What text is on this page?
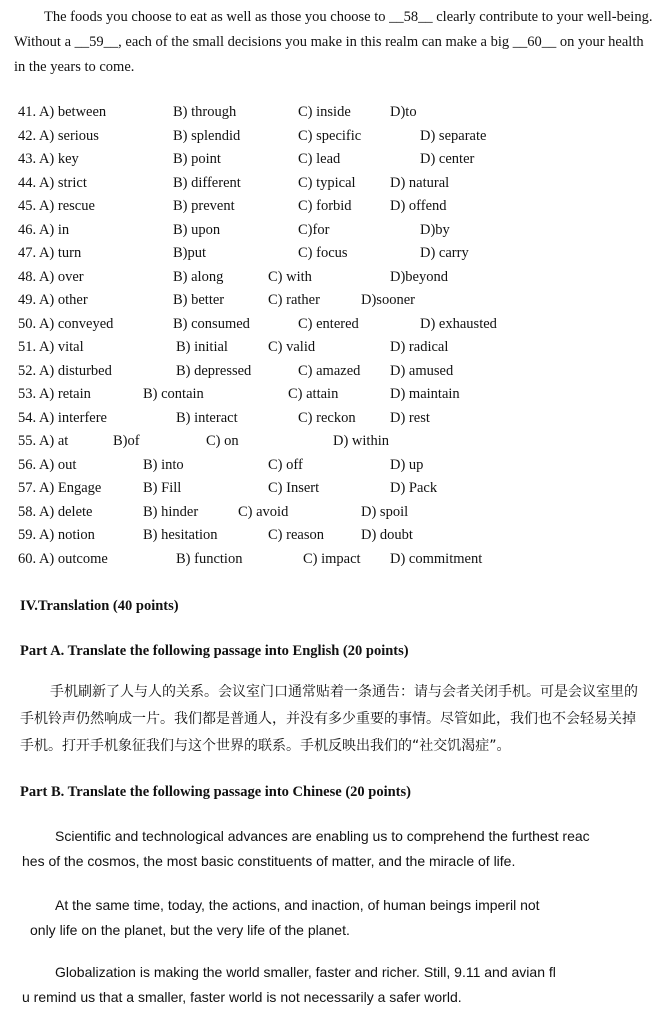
The foods you choose to eat as well as those you choose to __58__ clearly contribute to your well-being. Without a __59__, each of the small decisions you make in this realm can make a big __60__ on your health in the years to come.

41. A) between	B) through	C) inside	D)to
42. A) serious	B) splendid	C) specific	D) separate
43. A) key	B) point	C) lead	D) center
44. A) strict	B) different	C) typical D) natural
45. A) rescue	B) prevent	C) forbid	D) offend
46. A) in	B) upon	C)for	D)by
47. A) turn	B)put	C) focus	D) carry
48. A) over	B) along	C) with	D)beyond
49. A) other	B) better	C) rather	D)sooner
50. A) conveyed	B) consumed	C) entered	D) exhausted
51. A) vital	B) initial	C) valid	D) radical
52. A) disturbed	B) depressed	C) amazed D) amused
53. A) retain	B) contain	C) attain	D) maintain
54. A) interfere	B) interact	C) reckon D) rest
55. A) at	B)of	C) on	D) within
56. A) out	B) into	C) off	D) up
57. A) Engage	B) Fill	C) Insert	D) Pack
58. A) delete	B) hinder	C) avoid	D) spoil
59. A) notion	B) hesitation	C) reason	D) doubt
60. A) outcome	B) function	C) impact D) commitment
IV.Translation (40 points)
Part A. Translate the following passage into English (20 points)

手机刷新了人与人的关系。会议室门口通常贴着一条通告：请与会者关闭手机。可是会议室里的手机铃声仍然响成一片。我们都是普通人，并没有多少重要的事情。尽管如此，我们也不会轻易关掉手机。打开手机象征我们与这个世界的联系。手机反映出我们的“社交饥渴症”。

Part B. Translate the following passage into Chinese (20 points)
Scientific and technological advances are enabling us to comprehend the furthest reac
hes of the cosmos, the most basic constituents of matter, and the miracle of life.
At the same time, today, the actions, and inaction, of human beings imperil not
only life on the planet, but the very life of the planet.
Globalization is making the world smaller, faster and richer. Still, 9.11 and avian fl
u remind us that a smaller, faster world is not necessarily a safer world.
